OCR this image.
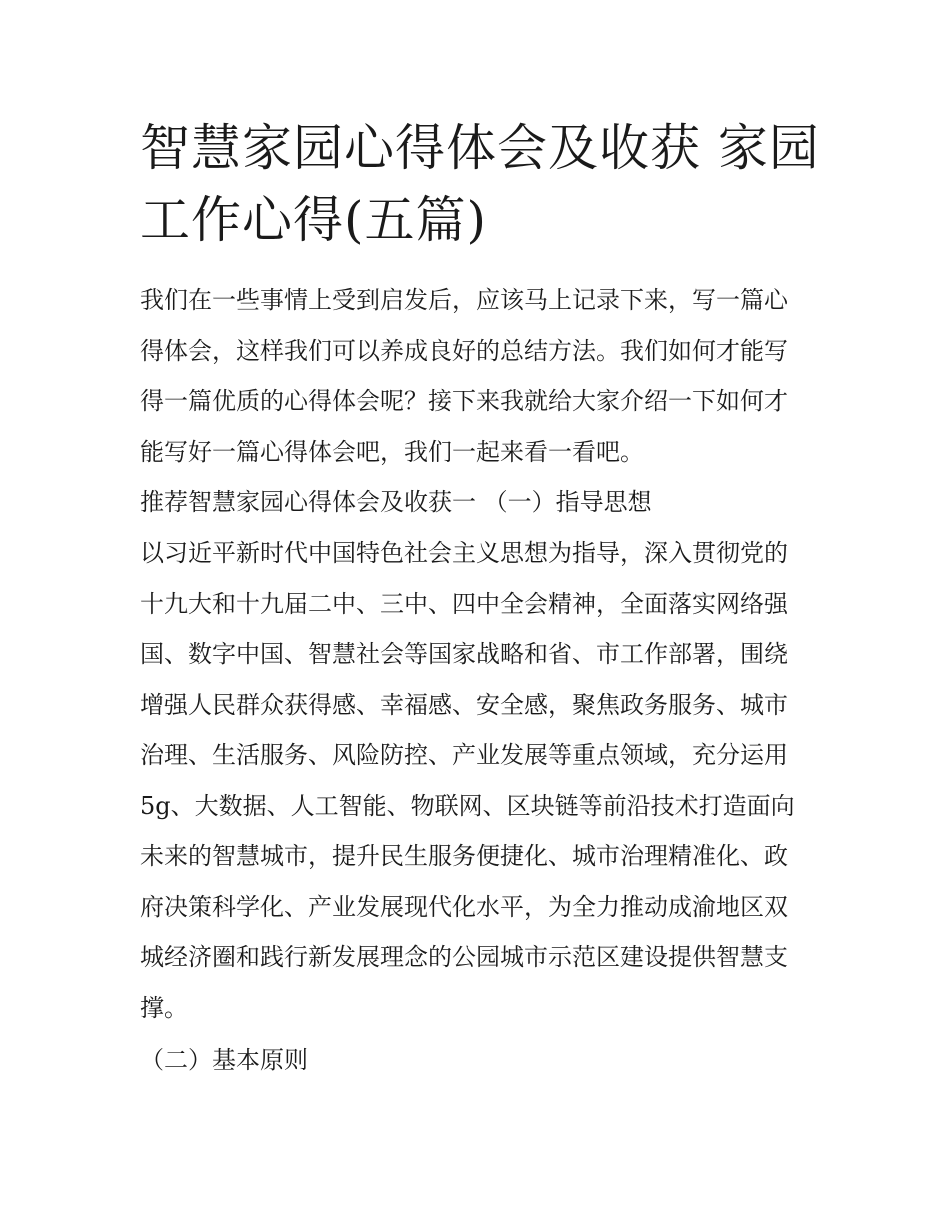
智慧家园心得体会及收获 家园
工作心得(五篇)

我们在一些事情上受到启发后，应该马上记录下来，写一篇心
得体会，这样我们可以养成良好的总结方法。我们如何才能写
得一篇优质的心得体会呢？接下来我就给大家介绍一下如何才
能写好一篇心得体会吧，我们一起来看一看吧。

推荐智慧家园心得体会及收获一 （一）指导思想

以习近平新时代中国特色社会主义思想为指导，深入贯彻党的
十九大和十九届二中、三中、四中全会精神，全面落实网络强
国、数字中国、智慧社会等国家战略和省、市工作部署，围绕
增强人民群众获得感、幸福感、安全感，聚焦政务服务、城市
治理、生活服务、风险防控、产业发展等重点领域，充分运用
5g、大数据、人工智能、物联网、区块链等前沿技术打造面向
未来的智慧城市，提升民生服务便捷化、城市治理精准化、政
府决策科学化、产业发展现代化水平，为全力推动成渝地区双
城经济圈和践行新发展理念的公园城市示范区建设提供智慧支
撑。

（二）基本原则
